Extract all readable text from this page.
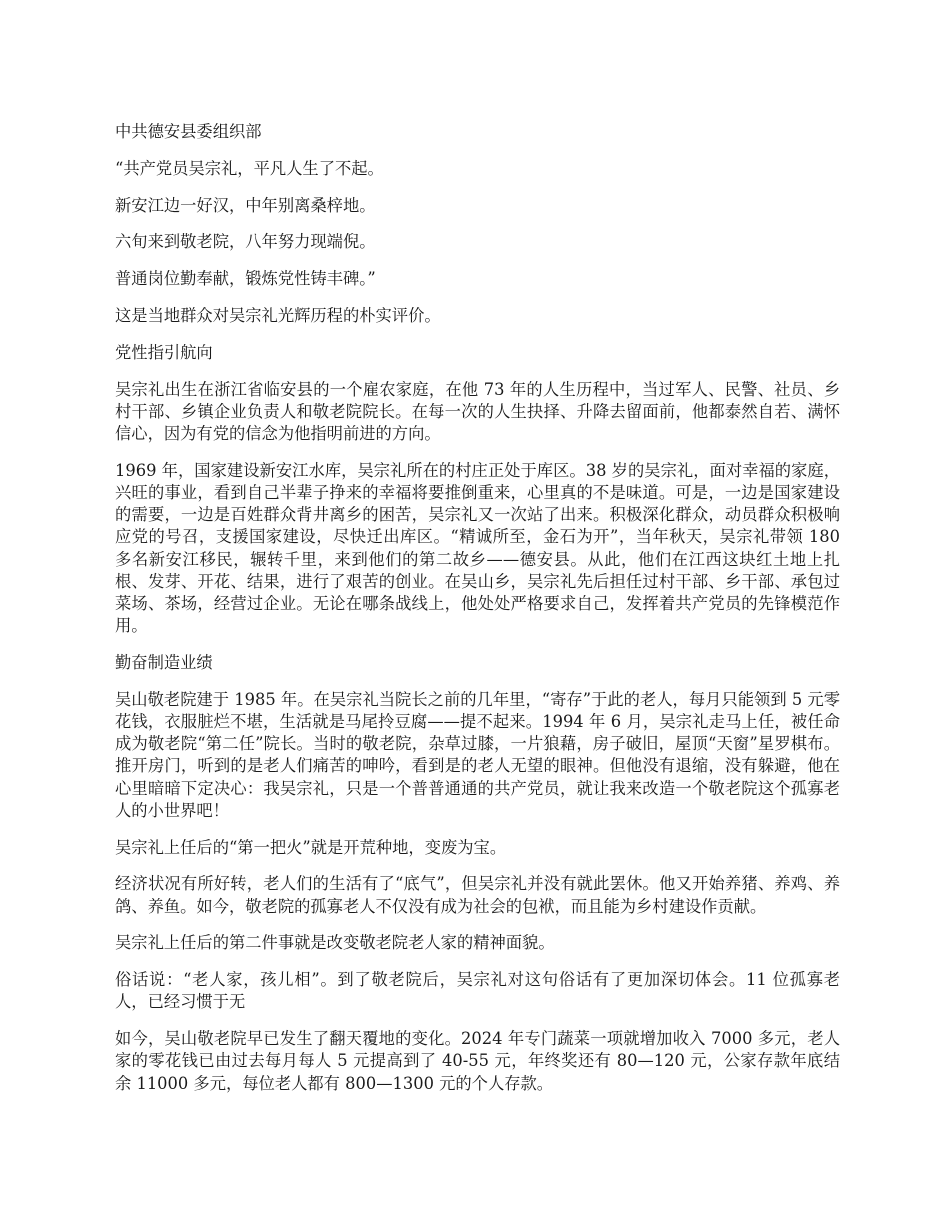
中共德安县委组织部

“共产党员吴宗礼，平凡人生了不起。

新安江边一好汉，中年别离桑梓地。

六旬来到敬老院，八年努力现端倪。

普通岗位勤奉献，锻炼党性铸丰碑。”

这是当地群众对吴宗礼光辉历程的朴实评价。

党性指引航向

吴宗礼出生在浙江省临安县的一个雇农家庭，在他 73 年的人生历程中，当过军人、民警、社员、乡村干部、乡镇企业负责人和敬老院院长。在每一次的人生抉择、升降去留面前，他都泰然自若、满怀信心，因为有党的信念为他指明前进的方向。

1969 年，国家建设新安江水库，吴宗礼所在的村庄正处于库区。38 岁的吴宗礼，面对幸福的家庭，兴旺的事业，看到自己半辈子挣来的幸福将要推倒重来，心里真的不是味道。可是，一边是国家建设的需要，一边是百姓群众背井离乡的困苦，吴宗礼又一次站了出来。积极深化群众，动员群众积极响应党的号召，支援国家建设，尽快迁出库区。“精诚所至，金石为开”，当年秋天，吴宗礼带领 180 多名新安江移民，辗转千里，来到他们的第二故乡——德安县。从此，他们在江西这块红土地上扎根、发芽、开花、结果，进行了艰苦的创业。在吴山乡，吴宗礼先后担任过村干部、乡干部、承包过菜场、茶场，经营过企业。无论在哪条战线上，他处处严格要求自己，发挥着共产党员的先锋模范作用。

勤奋制造业绩

吴山敬老院建于 1985 年。在吴宗礼当院长之前的几年里，“寄存”于此的老人，每月只能领到 5 元零花钱，衣服脏烂不堪，生活就是马尾拎豆腐——提不起来。1994 年 6 月，吴宗礼走马上任，被任命成为敬老院“第二任”院长。当时的敬老院，杂草过膝，一片狼藉，房子破旧，屋顶“天窗”星罗棋布。推开房门，听到的是老人们痛苦的呻吟，看到是的老人无望的眼神。但他没有退缩，没有躲避，他在心里暗暗下定决心：我吴宗礼，只是一个普普通通的共产党员，就让我来改造一个敬老院这个孤寡老人的小世界吧！

吴宗礼上任后的“第一把火”就是开荒种地，变废为宝。

经济状况有所好转，老人们的生活有了“底气”，但吴宗礼并没有就此罢休。他又开始养猪、养鸡、养鸽、养鱼。如今，敬老院的孤寡老人不仅没有成为社会的包袱，而且能为乡村建设作贡献。

吴宗礼上任后的第二件事就是改变敬老院老人家的精神面貌。

俗话说：“老人家，孩儿相”。到了敬老院后，吴宗礼对这句俗话有了更加深切体会。11 位孤寡老人，已经习惯于无

如今，吴山敬老院早已发生了翻天覆地的变化。2024 年专门蔬菜一项就增加收入 7000 多元，老人家的零花钱已由过去每月每人 5 元提高到了 40-55 元，年终奖还有 80—120 元，公家存款年底结余 11000 多元，每位老人都有 800—1300 元的个人存款。
